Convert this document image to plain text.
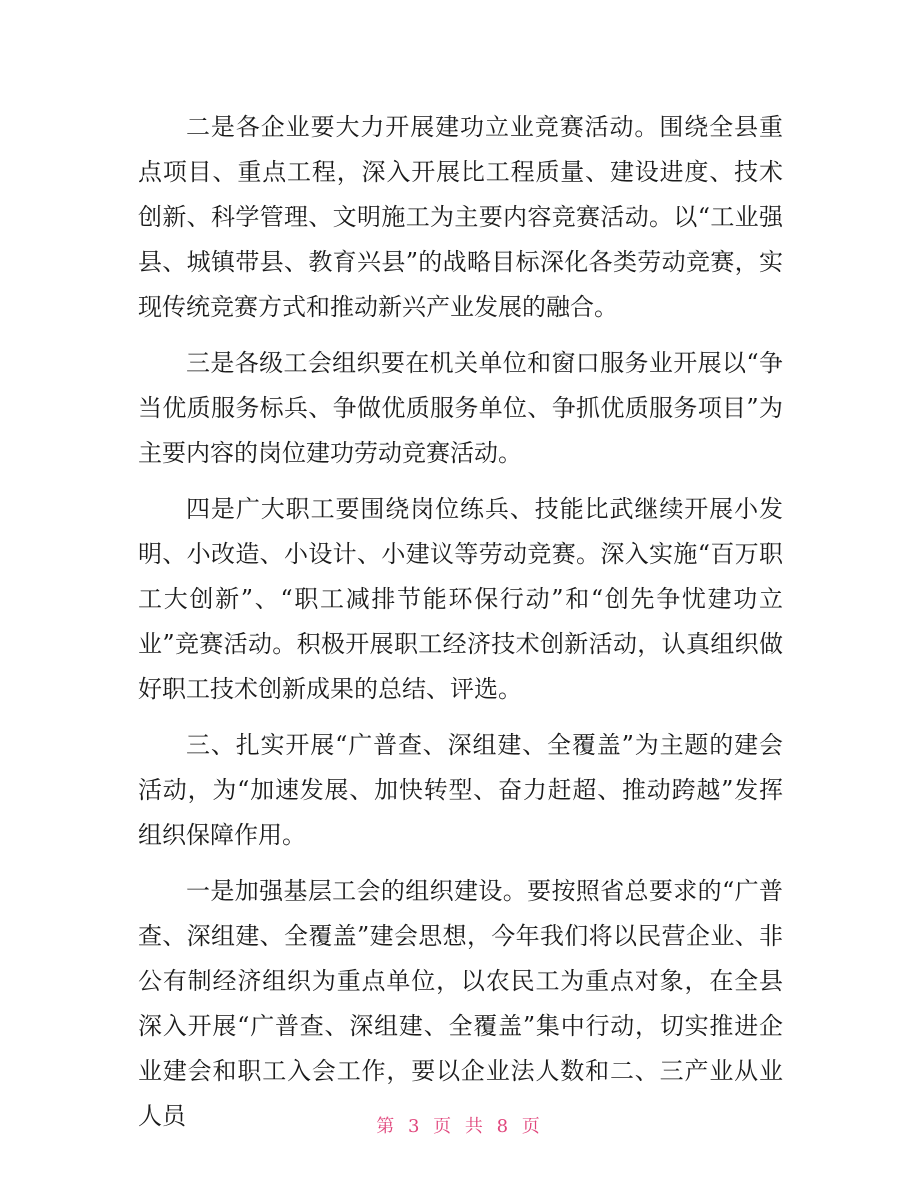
二是各企业要大力开展建功立业竞赛活动。围绕全县重点项目、重点工程，深入开展比工程质量、建设进度、技术创新、科学管理、文明施工为主要内容竞赛活动。以“工业强县、城镇带县、教育兴县”的战略目标深化各类劳动竞赛，实现传统竞赛方式和推动新兴产业发展的融合。

三是各级工会组织要在机关单位和窗口服务业开展以“争当优质服务标兵、争做优质服务单位、争抓优质服务项目”为主要内容的岗位建功劳动竞赛活动。

四是广大职工要围绕岗位练兵、技能比武继续开展小发明、小改造、小设计、小建议等劳动竞赛。深入实施“百万职工大创新”、“职工减排节能环保行动”和“创先争忧建功立业”竞赛活动。积极开展职工经济技术创新活动，认真组织做好职工技术创新成果的总结、评选。

三、扎实开展“广普查、深组建、全覆盖”为主题的建会活动，为“加速发展、加快转型、奋力赶超、推动跨越”发挥组织保障作用。

一是加强基层工会的组织建设。要按照省总要求的“广普查、深组建、全覆盖”建会思想，今年我们将以民营企业、非公有制经济组织为重点单位，以农民工为重点对象，在全县深入开展“广普查、深组建、全覆盖”集中行动，切实推进企业建会和职工入会工作，要以企业法人数和二、三产业从业人员	第 3 页 共 8 页
